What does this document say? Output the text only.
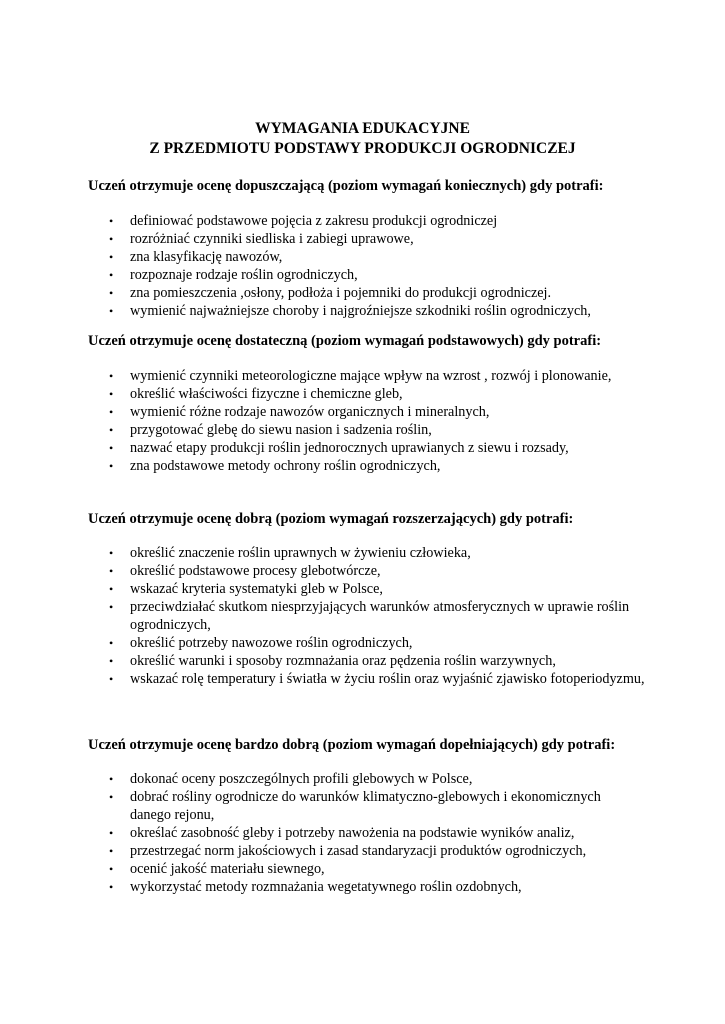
WYMAGANIA EDUKACYJNE
Z PRZEDMIOTU PODSTAWY PRODUKCJI OGRODNICZEJ

Uczeń otrzymuje ocenę dopuszczającą (poziom wymagań koniecznych) gdy potrafi:

• definiować podstawowe pojęcia z zakresu produkcji ogrodniczej
• rozróżniać czynniki siedliska i zabiegi uprawowe,
• zna klasyfikację nawozów,
• rozpoznaje rodzaje roślin ogrodniczych,
• zna pomieszczenia ,osłony, podłoża i pojemniki do produkcji ogrodniczej.
• wymienić najważniejsze choroby i najgroźniejsze szkodniki roślin ogrodniczych,

Uczeń otrzymuje ocenę dostateczną (poziom wymagań podstawowych) gdy potrafi:

• wymienić czynniki meteorologiczne mające wpływ na wzrost , rozwój i plonowanie,
• określić właściwości fizyczne i chemiczne gleb,
• wymienić różne rodzaje nawozów organicznych i mineralnych,
• przygotować glebę do siewu nasion i sadzenia roślin,
• nazwać etapy produkcji roślin jednorocznych uprawianych z siewu i rozsady,
• zna podstawowe metody ochrony roślin ogrodniczych,

Uczeń otrzymuje ocenę dobrą (poziom wymagań rozszerzających) gdy potrafi:

• określić znaczenie roślin uprawnych w żywieniu człowieka,
• określić podstawowe procesy glebotwórcze,
• wskazać kryteria systematyki gleb w Polsce,
• przeciwdziałać skutkom niesprzyjających warunków atmosferycznych w uprawie roślin ogrodniczych,
• określić potrzeby nawozowe roślin ogrodniczych,
• określić warunki i sposoby rozmnażania oraz pędzenia roślin warzywnych,
• wskazać rolę temperatury i światła w życiu roślin oraz wyjaśnić zjawisko fotoperiodyzmu,

Uczeń otrzymuje ocenę bardzo dobrą (poziom wymagań dopełniających) gdy potrafi:

• dokonać oceny poszczególnych profili glebowych w Polsce,
• dobrać rośliny ogrodnicze do warunków klimatyczno-glebowych i ekonomicznych danego rejonu,
• określać zasobność gleby i potrzeby nawożenia na podstawie wyników analiz,
• przestrzegać norm jakościowych i zasad standaryzacji produktów ogrodniczych,
• ocenić jakość materiału siewnego,
• wykorzystać metody rozmnażania wegetatywnego roślin ozdobnych,
